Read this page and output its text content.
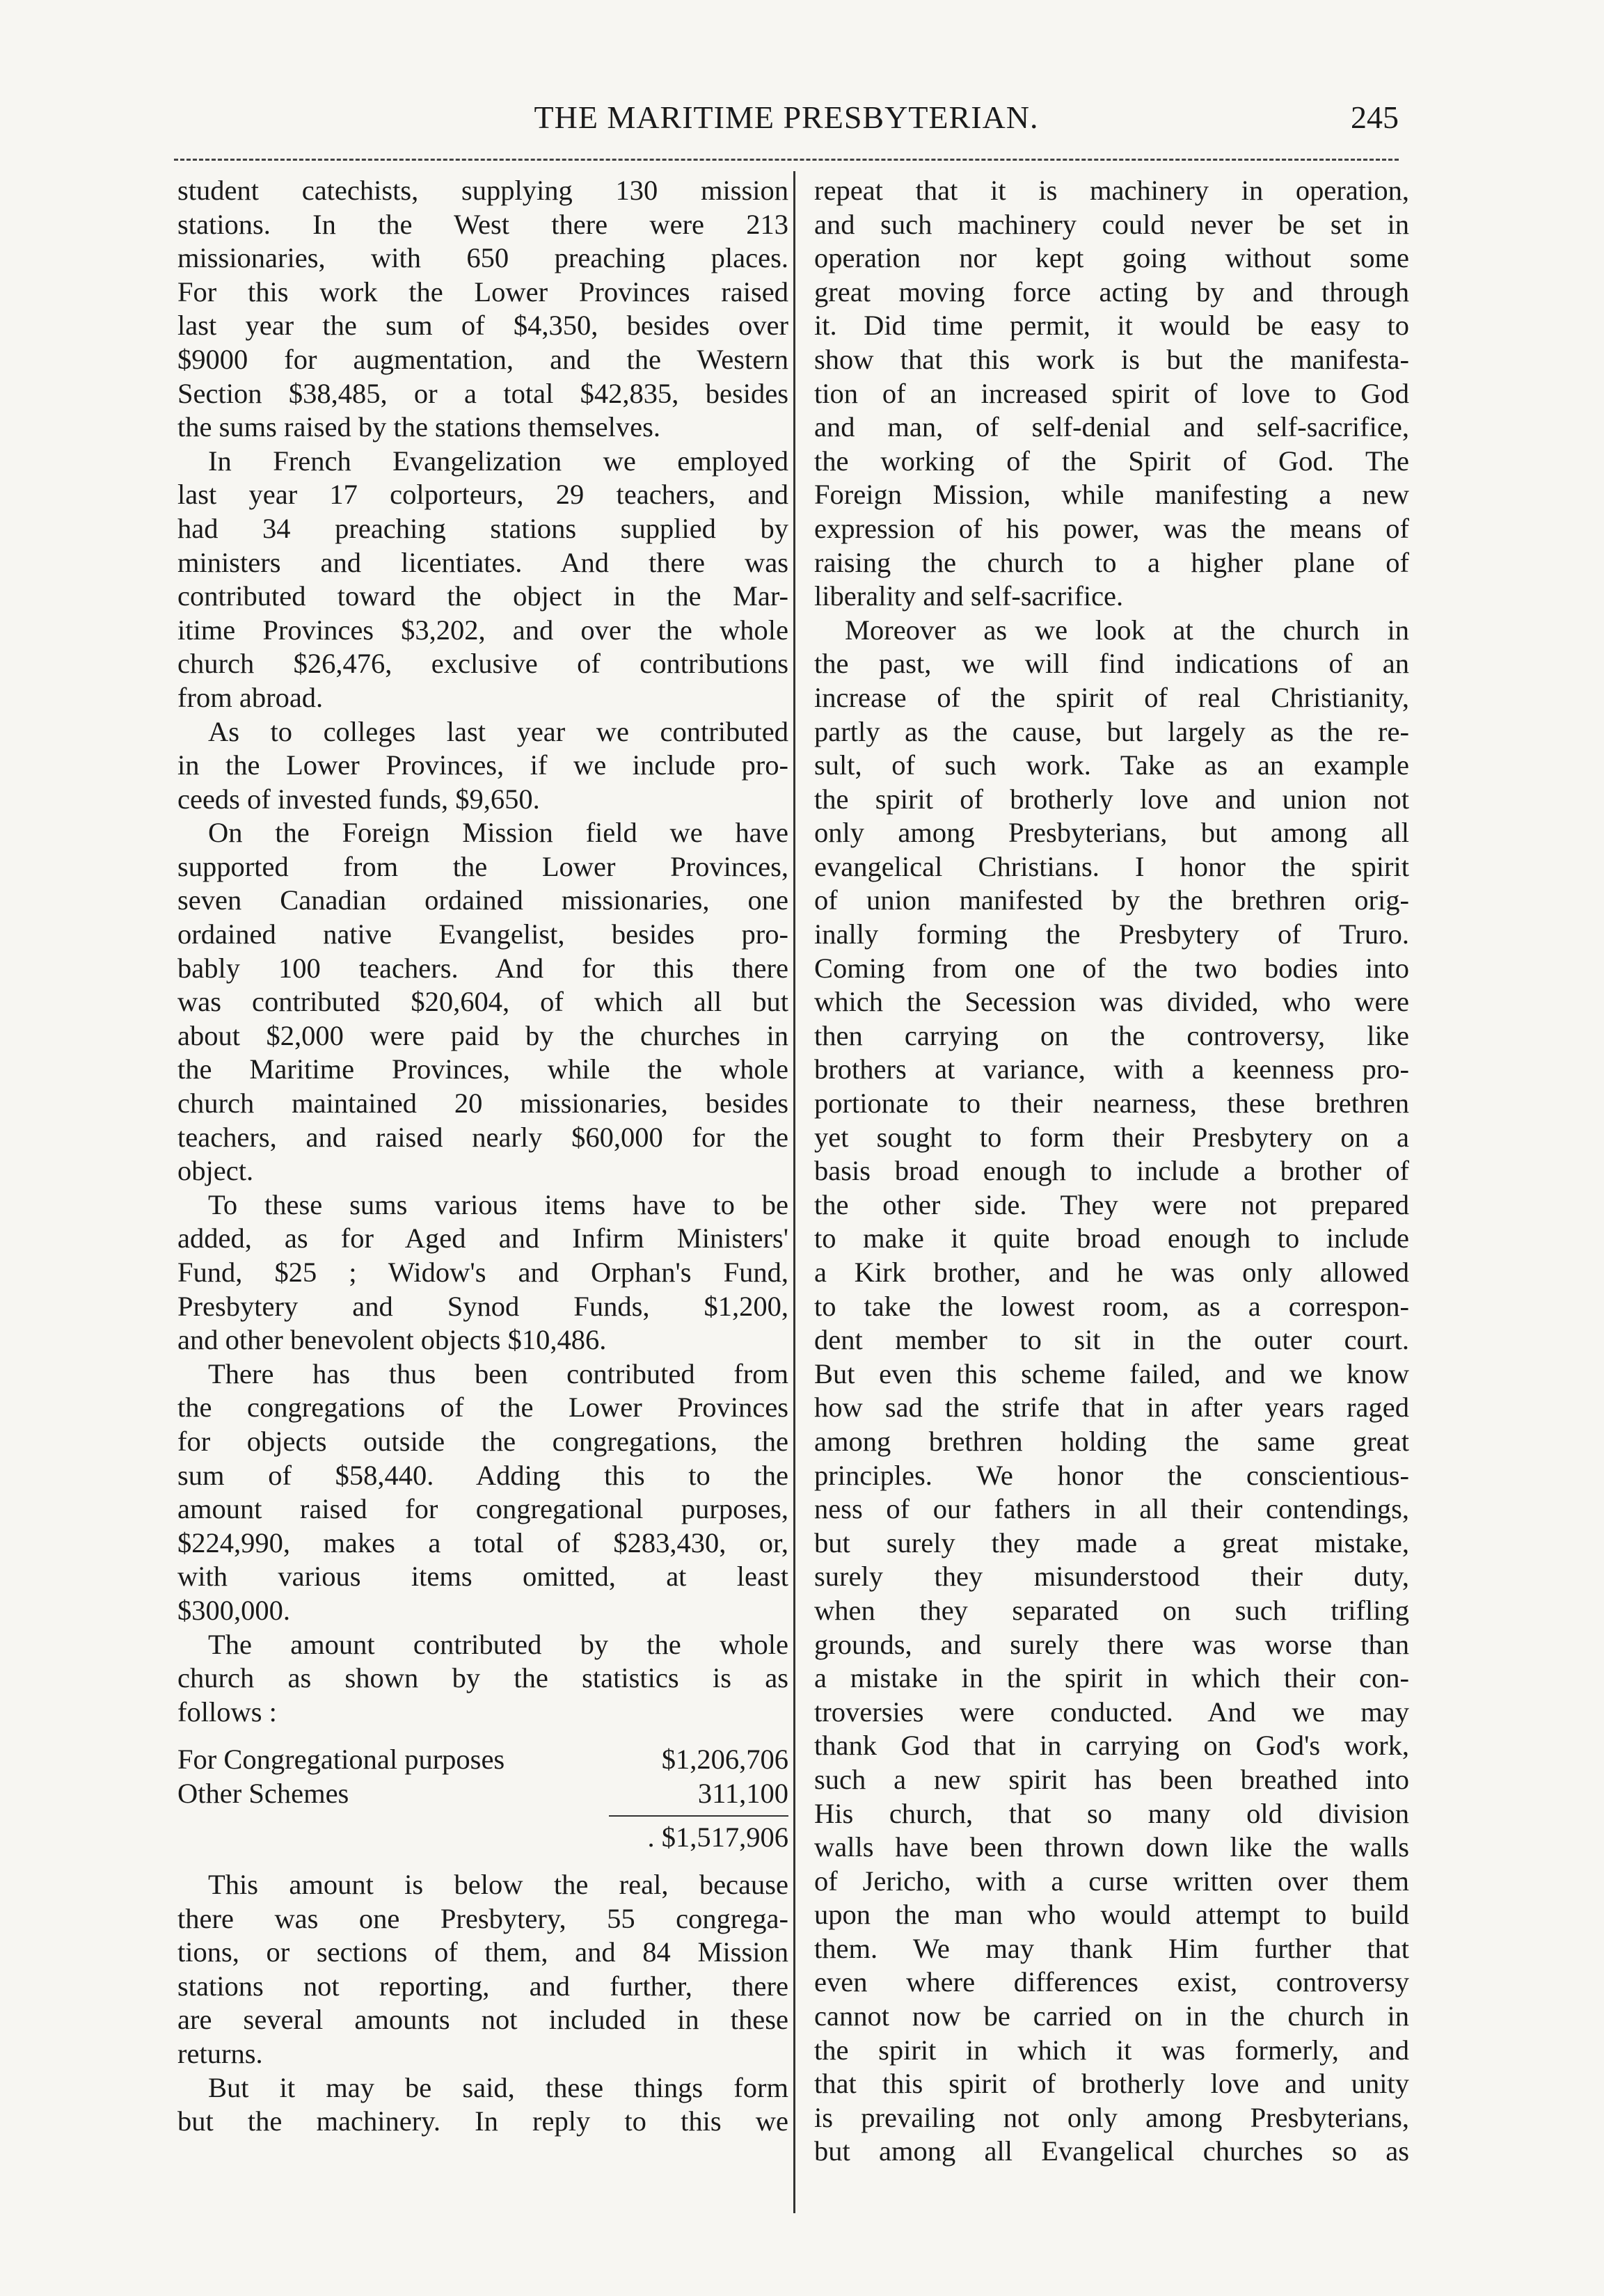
THE MARITIME PRESBYTERIAN.	245
student catechists, supplying 130 mission
stations. In the West there were 213
missionaries, with 650 preaching places.
For this work the Lower Provinces raised
last year the sum of $4,350, besides over
$9000 for augmentation, and the Western
Section $38,485, or a total $42,835, besides
the sums raised by the stations themselves.
In French Evangelization we employed
last year 17 colporteurs, 29 teachers, and
had 34 preaching stations supplied by
ministers and licentiates. And there was
contributed toward the object in the Mar-
itime Provinces $3,202, and over the whole
church $26,476, exclusive of contributions
from abroad.
As to colleges last year we contributed
in the Lower Provinces, if we include pro-
ceeds of invested funds, $9,650.
On the Foreign Mission field we have
supported from the Lower Provinces,
seven Canadian ordained missionaries, one
ordained native Evangelist, besides pro-
bably 100 teachers. And for this there
was contributed $20,604, of which all but
about $2,000 were paid by the churches in
the Maritime Provinces, while the whole
church maintained 20 missionaries, besides
teachers, and raised nearly $60,000 for the
object.
To these sums various items have to be
added, as for Aged and Infirm Ministers'
Fund, $25 ; Widow's and Orphan's Fund,
Presbytery and Synod Funds, $1,200,
and other benevolent objects $10,486.
There has thus been contributed from
the congregations of the Lower Provinces
for objects outside the congregations, the
sum of $58,440. Adding this to the
amount raised for congregational purposes,
$224,990, makes a total of $283,430, or,
with various items omitted, at least
$300,000.
The amount contributed by the whole
church as shown by the statistics is as
follows :
For Congregational purposes	$1,206,706
Other Schemes	311,100
. $1,517,906
This amount is below the real, because
there was one Presbytery, 55 congrega-
tions, or sections of them, and 84 Mission
stations not reporting, and further, there
are several amounts not included in these
returns.
But it may be said, these things form
but the machinery. In reply to this we
repeat that it is machinery in operation,
and such machinery could never be set in
operation nor kept going without some
great moving force acting by and through
it. Did time permit, it would be easy to
show that this work is but the manifesta-
tion of an increased spirit of love to God
and man, of self-denial and self-sacrifice,
the working of the Spirit of God. The
Foreign Mission, while manifesting a new
expression of his power, was the means of
raising the church to a higher plane of
liberality and self-sacrifice.
Moreover as we look at the church in
the past, we will find indications of an
increase of the spirit of real Christianity,
partly as the cause, but largely as the re-
sult, of such work. Take as an example
the spirit of brotherly love and union not
only among Presbyterians, but among all
evangelical Christians. I honor the spirit
of union manifested by the brethren orig-
inally forming the Presbytery of Truro.
Coming from one of the two bodies into
which the Secession was divided, who were
then carrying on the controversy, like
brothers at variance, with a keenness pro-
portionate to their nearness, these brethren
yet sought to form their Presbytery on a
basis broad enough to include a brother of
the other side. They were not prepared
to make it quite broad enough to include
a Kirk brother, and he was only allowed
to take the lowest room, as a correspon-
dent member to sit in the outer court.
But even this scheme failed, and we know
how sad the strife that in after years raged
among brethren holding the same great
principles. We honor the conscientious-
ness of our fathers in all their contendings,
but surely they made a great mistake,
surely they misunderstood their duty,
when they separated on such trifling
grounds, and surely there was worse than
a mistake in the spirit in which their con-
troversies were conducted. And we may
thank God that in carrying on God's work,
such a new spirit has been breathed into
His church, that so many old division
walls have been thrown down like the walls
of Jericho, with a curse written over them
upon the man who would attempt to build
them. We may thank Him further that
even where differences exist, controversy
cannot now be carried on in the church in
the spirit in which it was formerly, and
that this spirit of brotherly love and unity
is prevailing not only among Presbyterians,
but among all Evangelical churches so as
